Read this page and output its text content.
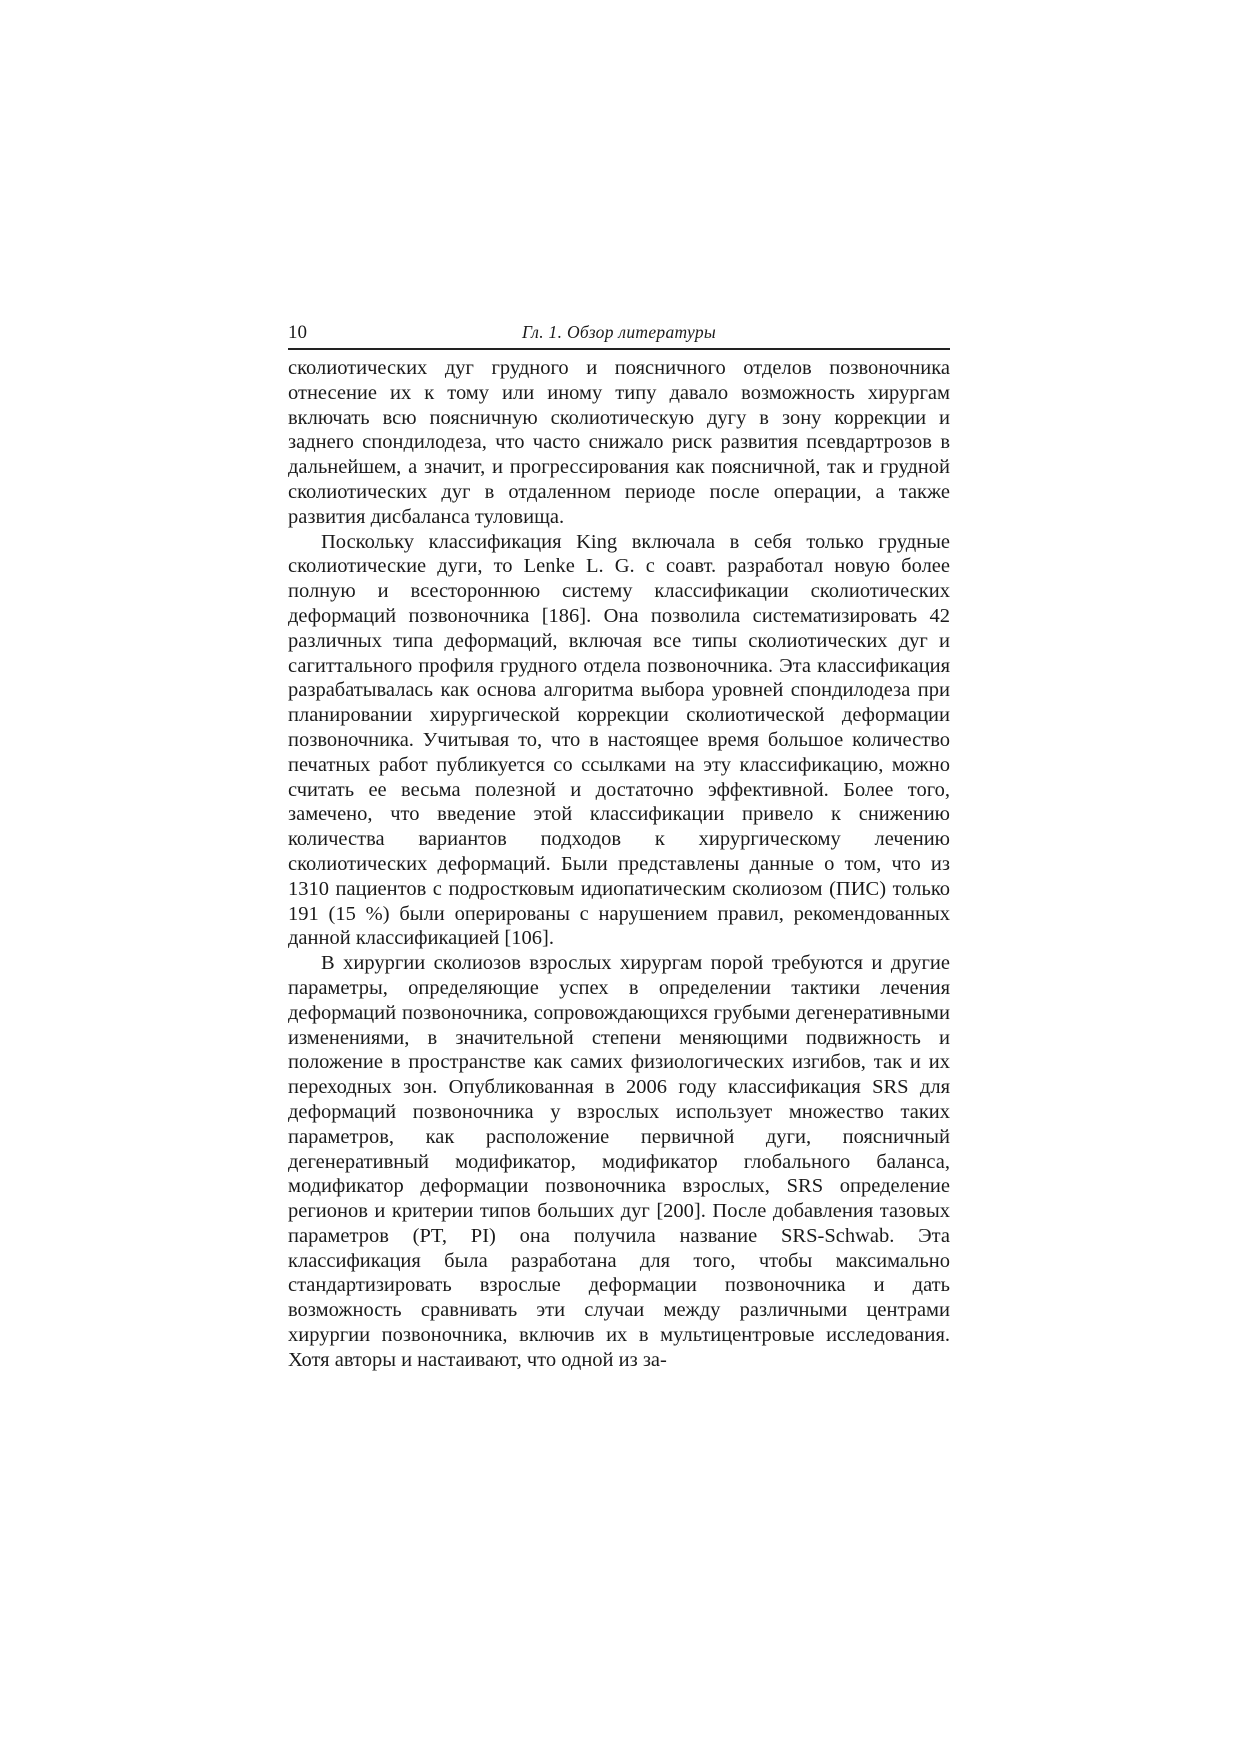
10	Гл. 1. Обзор литературы

сколиотических дуг грудного и поясничного отделов позвоночника отнесение их к тому или иному типу давало возможность хирургам включать всю поясничную сколиотическую дугу в зону коррекции и заднего спондилодеза, что часто снижало риск развития псевдартрозов в дальнейшем, а значит, и прогрессирования как поясничной, так и грудной сколиотических дуг в отдаленном периоде после операции, а также развития дисбаланса туловища.

Поскольку классификация King включала в себя только грудные сколиотические дуги, то Lenke L. G. с соавт. разработал новую более полную и всестороннюю систему классификации сколиотических деформаций позвоночника [186]. Она позволила систематизировать 42 различных типа деформаций, включая все типы сколиотических дуг и сагиттального профиля грудного отдела позвоночника. Эта классификация разрабатывалась как основа алгоритма выбора уровней спондилодеза при планировании хирургической коррекции сколиотической деформации позвоночника. Учитывая то, что в настоящее время большое количество печатных работ публикуется со ссылками на эту классификацию, можно считать ее весьма полезной и достаточно эффективной. Более того, замечено, что введение этой классификации привело к снижению количества вариантов подходов к хирургическому лечению сколиотических деформаций. Были представлены данные о том, что из 1310 пациентов с подростковым идиопатическим сколиозом (ПИС) только 191 (15 %) были оперированы с нарушением правил, рекомендованных данной классификацией [106].

В хирургии сколиозов взрослых хирургам порой требуются и другие параметры, определяющие успех в определении тактики лечения деформаций позвоночника, сопровождающихся грубыми дегенеративными изменениями, в значительной степени меняющими подвижность и положение в пространстве как самих физиологических изгибов, так и их переходных зон. Опубликованная в 2006 году классификация SRS для деформаций позвоночника у взрослых использует множество таких параметров, как расположение первичной дуги, поясничный дегенеративный модификатор, модификатор глобального баланса, модификатор деформации позвоночника взрослых, SRS определение регионов и критерии типов больших дуг [200]. После добавления тазовых параметров (PT, PI) она получила название SRS-Schwab. Эта классификация была разработана для того, чтобы максимально стандартизировать взрослые деформации позвоночника и дать возможность сравнивать эти случаи между различными центрами хирургии позвоночника, включив их в мультицентровые исследования. Хотя авторы и настаивают, что одной из за-
